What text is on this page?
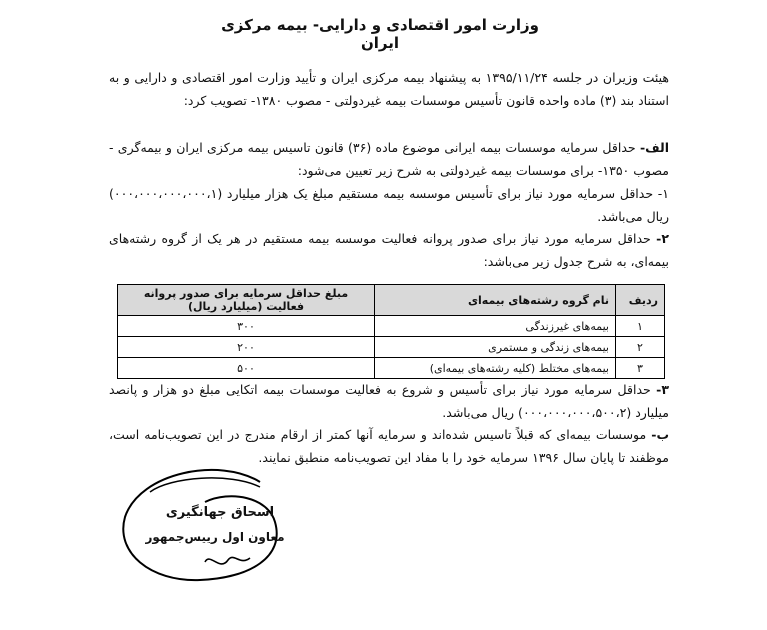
وزارت امور اقتصادی و دارایی- بیمه مرکزی ایران
هیئت وزیران در جلسه ۱۳۹۵/۱۱/۲۴ به پیشنهاد بیمه مرکزی ایران و تأیید وزارت امور اقتصادی و دارایی و به استناد بند (۳) ماده واحده قانون تأسیس موسسات بیمه غیردولتی - مصوب ۱۳۸۰- تصویب کرد:
الف- حداقل سرمایه موسسات بیمه ایرانی موضوع ماده (۳۶) قانون تاسیس بیمه مرکزی ایران و بیمه‌گری - مصوب ۱۳۵۰- برای موسسات بیمه غیردولتی به شرح زیر تعیین می‌شود:
۱- حداقل سرمایه مورد نیاز برای تأسیس موسسه بیمه مستقیم مبلغ یک هزار میلیارد (۰۰۰،۰۰۰،۰۰۰،۰۰۰،۱) ریال می‌باشد.
۲- حداقل سرمایه مورد نیاز برای صدور پروانه فعالیت موسسه بیمه مستقیم در هر یک از گروه رشته‌های بیمه‌ای، به شرح جدول زیر می‌باشد:
ردیف	نام گروه رشته‌های بیمه‌ای	مبلغ حداقل سرمایه برای صدور پروانه فعالیت (میلیارد ریال)
۱	بیمه‌های غیرزندگی	۳۰۰
۲	بیمه‌های زندگی و مستمری	۲۰۰
۳	بیمه‌های مختلط (کلیه رشته‌های بیمه‌ای)	۵۰۰
۳- حداقل سرمایه مورد نیاز برای تأسیس و شروع به فعالیت موسسات بیمه اتکایی مبلغ دو هزار و پانصد میلیارد (۰۰۰،۰۰۰،۰۰۰،۵۰۰،۲) ریال می‌باشد.
ب- موسسات بیمه‌ای که قبلاً تاسیس شده‌اند و سرمایه آنها کمتر از ارقام مندرج در این تصویب‌نامه است، موظفند تا پایان سال ۱۳۹۶ سرمایه خود را با مفاد این تصویب‌نامه منطبق نمایند.
اسحاق جهانگیری
معاون اول رییس‌جمهور
